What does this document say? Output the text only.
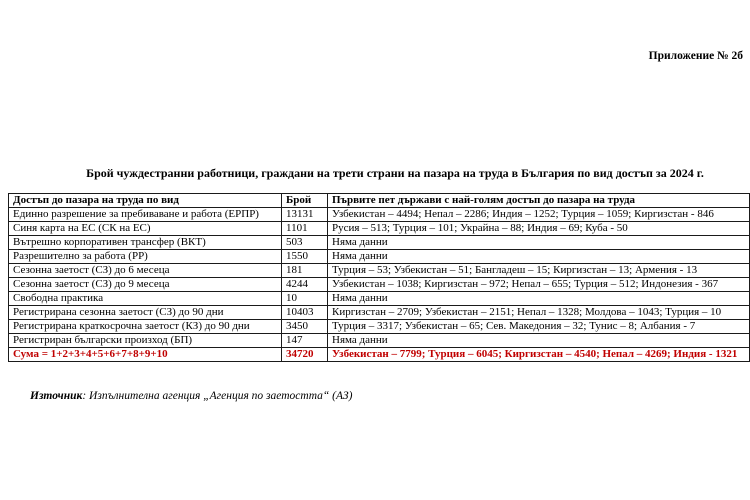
Приложение № 2б
Брой чуждестранни работници, граждани на трети страни на пазара на труда в България по вид достъп за 2024 г.
Достъп до пазара на труда по вид	Брой	Първите пет държави с най-голям достъп до пазара на труда
Единно разрешение за пребиваване и работа (ЕРПР)	13131	Узбекистан – 4494; Непал – 2286; Индия – 1252; Турция – 1059; Киргизстан - 846
Синя карта на ЕС (СК на ЕС)	1101	Русия – 513; Турция – 101; Украйна – 88; Индия – 69; Куба - 50
Вътрешно корпоративен трансфер (ВКТ)	503	Няма данни
Разрешително за работа (РР)	1550	Няма данни
Сезонна заетост (СЗ) до 6 месеца	181	Турция – 53; Узбекистан – 51; Бангладеш – 15; Киргизстан – 13; Армения - 13
Сезонна заетост (СЗ) до 9 месеца	4244	Узбекистан – 1038; Киргизстан – 972; Непал – 655; Турция – 512; Индонезия - 367
Свободна практика	10	Няма данни
Регистрирана сезонна заетост (СЗ) до 90 дни	10403	Киргизстан – 2709; Узбекистан – 2151; Непал – 1328; Молдова – 1043; Турция – 10
Регистрирана краткосрочна заетост (КЗ) до 90 дни	3450	Турция – 3317; Узбекистан – 65; Сев. Македония – 32; Тунис – 8; Албания - 7
Регистриран български произход (БП)	147	Няма данни
Сума = 1+2+3+4+5+6+7+8+9+10	34720	Узбекистан – 7799; Турция – 6045; Киргизстан – 4540; Непал – 4269; Индия - 1321
Източник: Изпълнителна агенция „Агенция по заетостта“ (АЗ)
